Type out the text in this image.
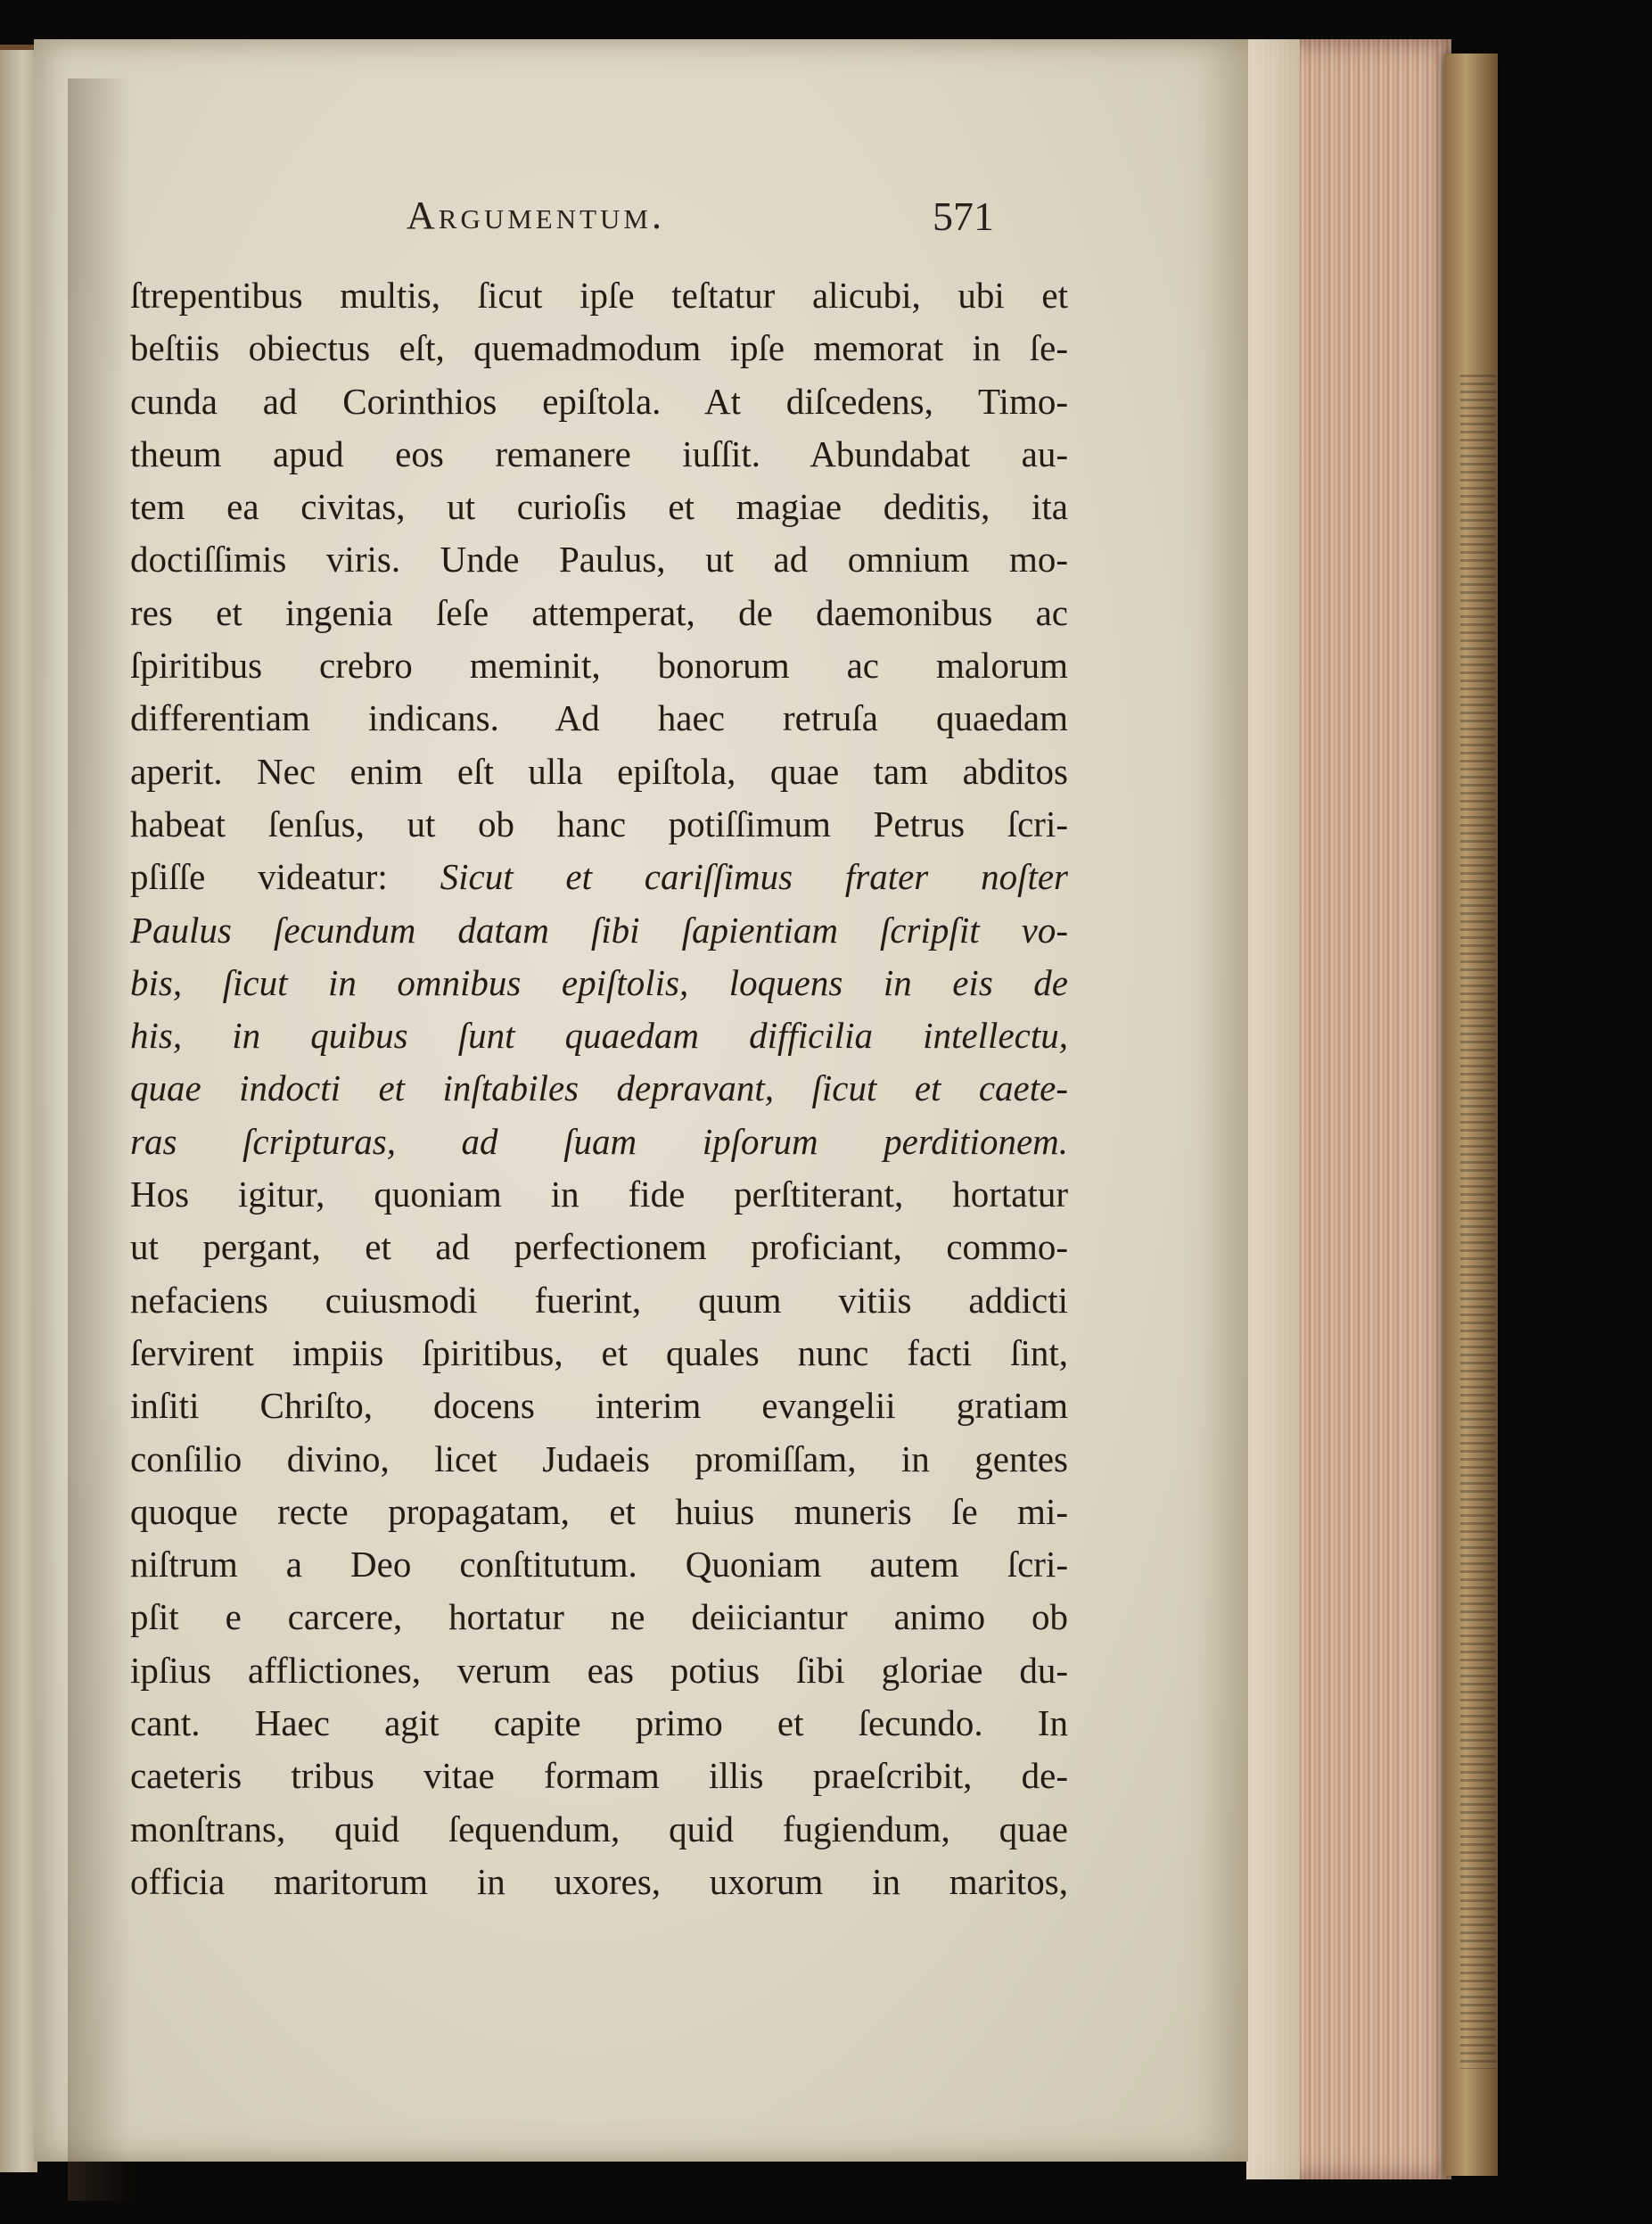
Argumentum.	571
ſtrepentibus multis, ſicut ipſe teſtatur alicubi, ubi et
beſtiis obiectus eſt, quemadmodum ipſe memorat in ſe-
cunda ad Corinthios epiſtola. At diſcedens, Timo-
theum apud eos remanere iuſſit. Abundabat au-
tem ea civitas, ut curioſis et magiae deditis, ita
doctiſſimis viris. Unde Paulus, ut ad omnium mo-
res et ingenia ſeſe attemperat, de daemonibus ac
ſpiritibus crebro meminit, bonorum ac malorum
differentiam indicans. Ad haec retruſa quaedam
aperit. Nec enim eſt ulla epiſtola, quae tam abditos
habeat ſenſus, ut ob hanc potiſſimum Petrus ſcri-
pſiſſe videatur: Sicut et cariſſimus frater noſter
Paulus ſecundum datam ſibi ſapientiam ſcripſit vo-
bis, ſicut in omnibus epiſtolis, loquens in eis de
his, in quibus ſunt quaedam difficilia intellectu,
quae indocti et inſtabiles depravant, ſicut et caete-
ras ſcripturas, ad ſuam ipſorum perditionem.
Hos igitur, quoniam in fide perſtiterant, hortatur
ut pergant, et ad perfectionem proficiant, commo-
nefaciens cuiusmodi fuerint, quum vitiis addicti
ſervirent impiis ſpiritibus, et quales nunc facti ſint,
inſiti Chriſto, docens interim evangelii gratiam
conſilio divino, licet Judaeis promiſſam, in gentes
quoque recte propagatam, et huius muneris ſe mi-
niſtrum a Deo conſtitutum. Quoniam autem ſcri-
pſit e carcere, hortatur ne deiiciantur animo ob
ipſius afflictiones, verum eas potius ſibi gloriae du-
cant. Haec agit capite primo et ſecundo. In
caeteris tribus vitae formam illis praeſcribit, de-
monſtrans, quid ſequendum, quid fugiendum, quae
officia maritorum in uxores, uxorum in maritos,
